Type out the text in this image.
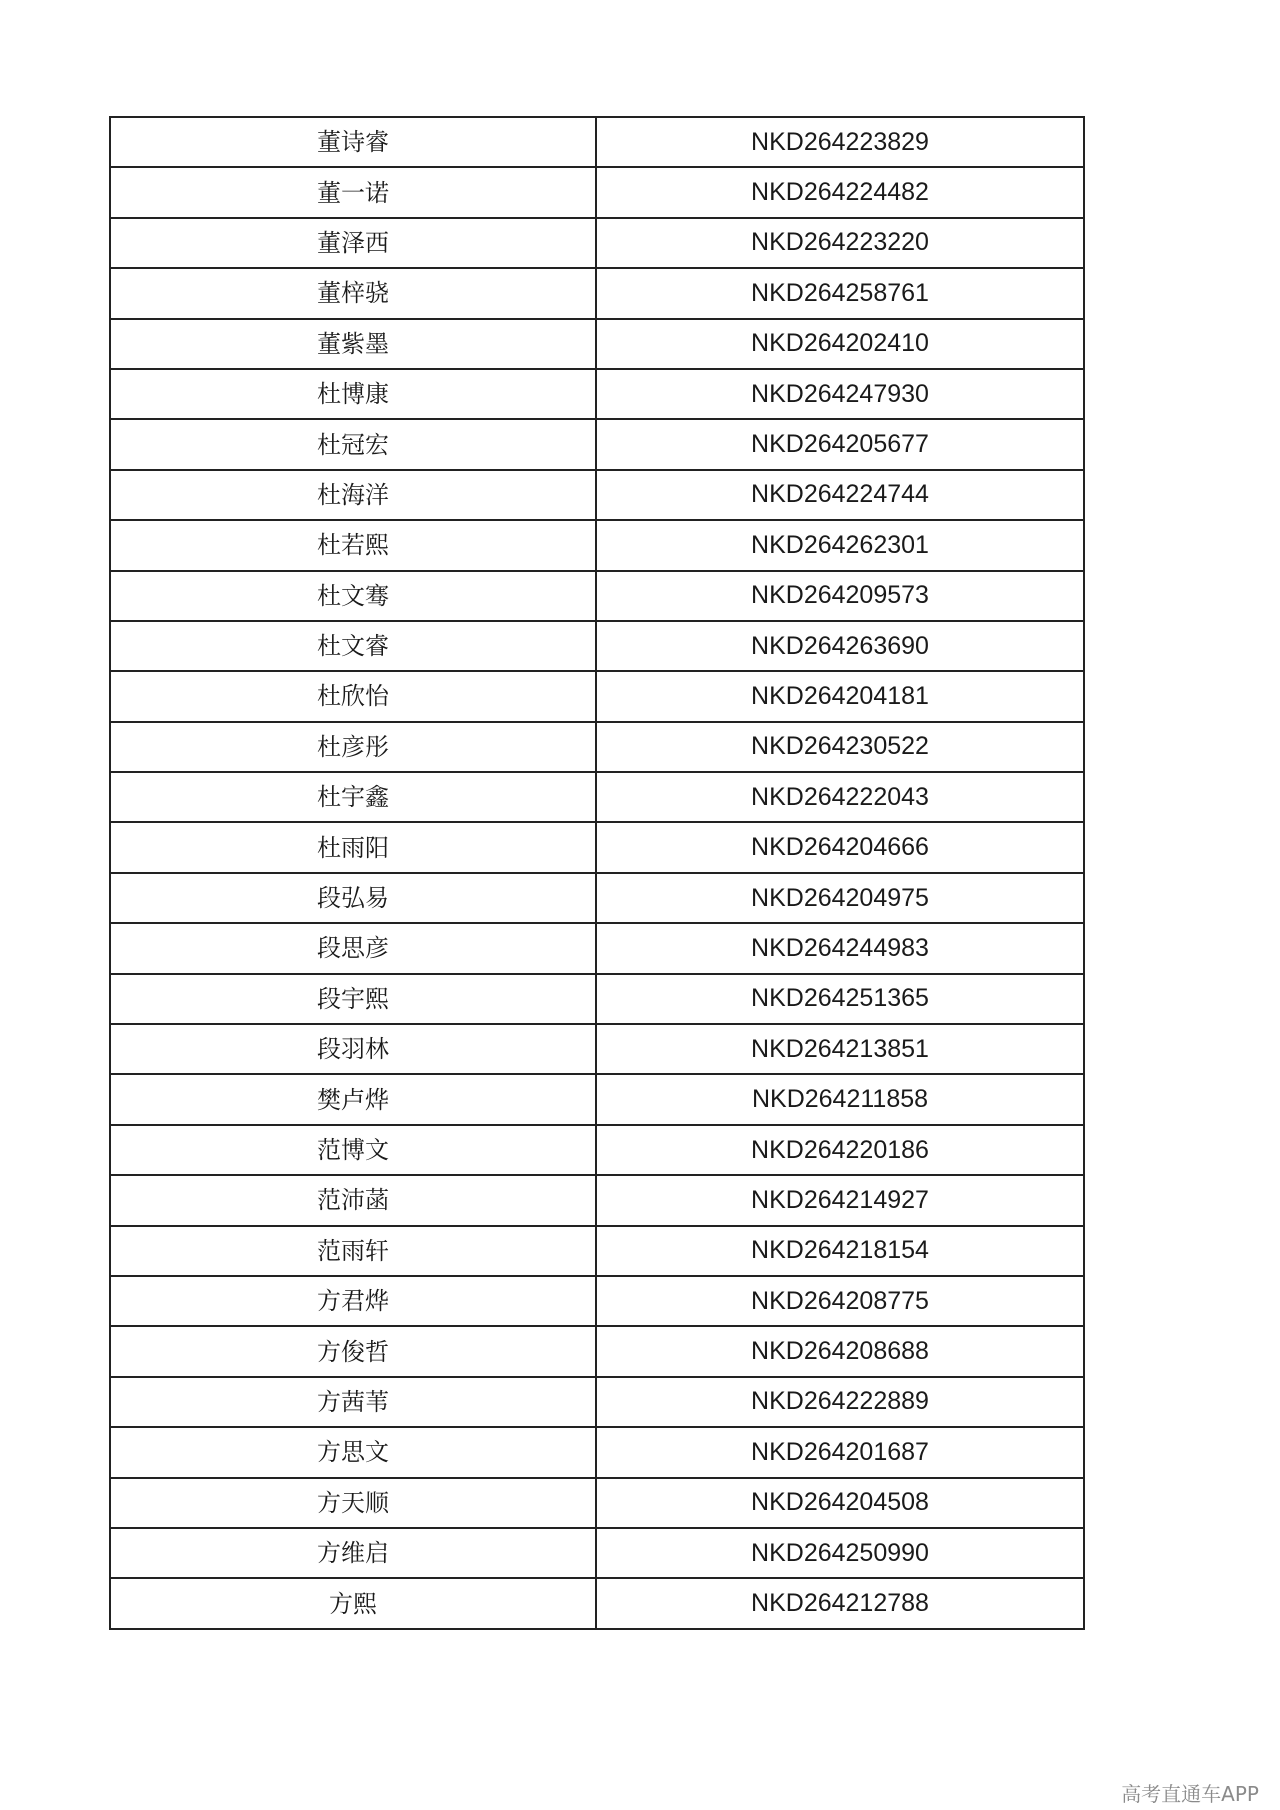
董诗睿	NKD264223829
董一诺	NKD264224482
董泽西	NKD264223220
董梓骁	NKD264258761
董紫墨	NKD264202410
杜博康	NKD264247930
杜冠宏	NKD264205677
杜海洋	NKD264224744
杜若熙	NKD264262301
杜文骞	NKD264209573
杜文睿	NKD264263690
杜欣怡	NKD264204181
杜彦彤	NKD264230522
杜宇鑫	NKD264222043
杜雨阳	NKD264204666
段弘易	NKD264204975
段思彦	NKD264244983
段宇熙	NKD264251365
段羽林	NKD264213851
樊卢烨	NKD264211858
范博文	NKD264220186
范沛菡	NKD264214927
范雨轩	NKD264218154
方君烨	NKD264208775
方俊哲	NKD264208688
方茜苇	NKD264222889
方思文	NKD264201687
方天顺	NKD264204508
方维启	NKD264250990
方熙	NKD264212788
高考直通车APP
